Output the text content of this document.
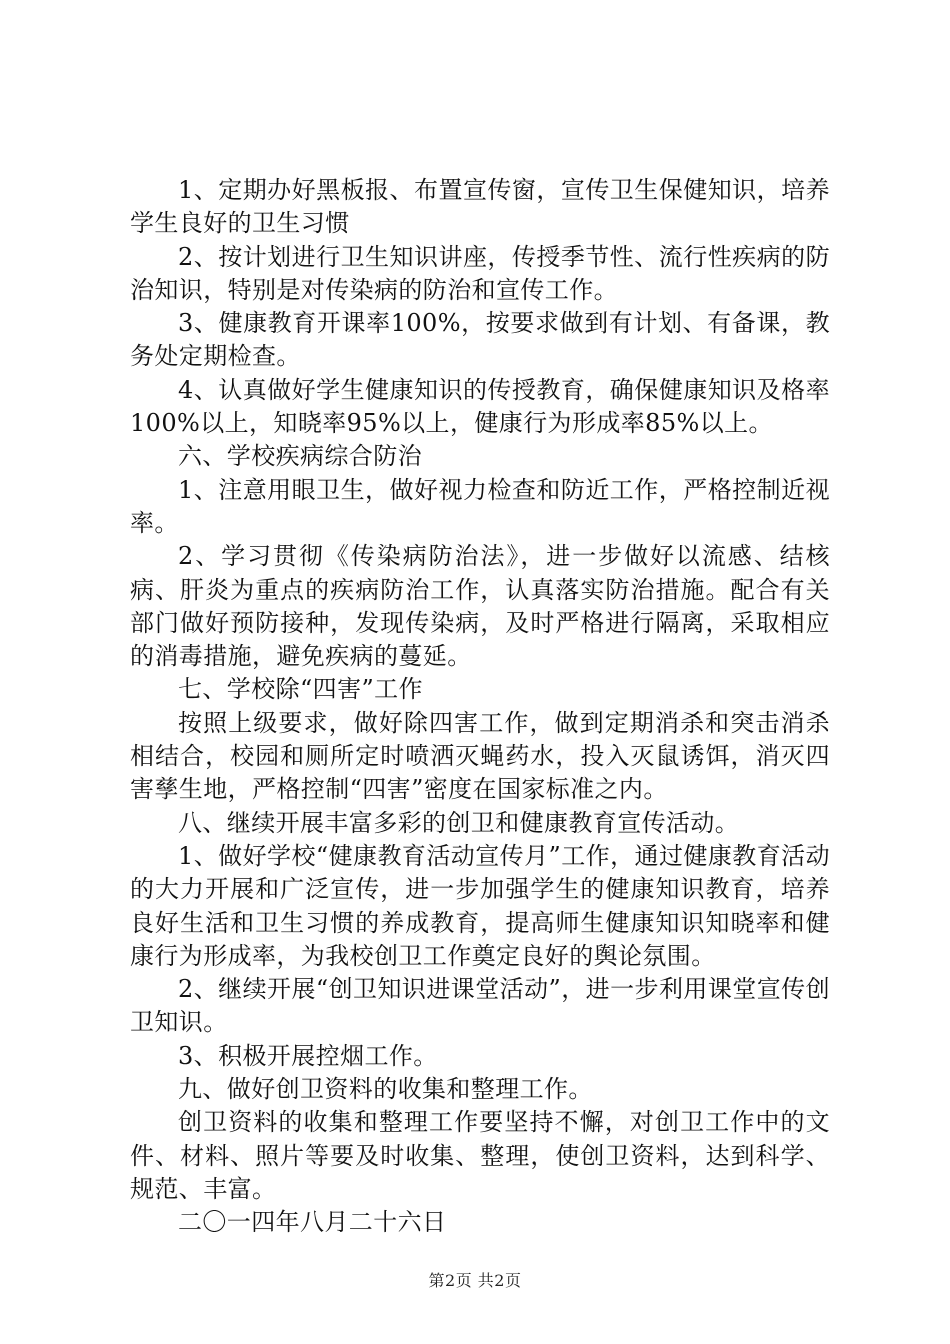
1、定期办好黑板报、布置宣传窗，宣传卫生保健知识，培养学生良好的卫生习惯

2、按计划进行卫生知识讲座，传授季节性、流行性疾病的防治知识，特别是对传染病的防治和宣传工作。

3、健康教育开课率100%，按要求做到有计划、有备课，教务处定期检查。

4、认真做好学生健康知识的传授教育，确保健康知识及格率100%以上，知晓率95%以上，健康行为形成率85%以上。

六、学校疾病综合防治

1、注意用眼卫生，做好视力检查和防近工作，严格控制近视率。

2、学习贯彻《传染病防治法》，进一步做好以流感、结核病、肝炎为重点的疾病防治工作，认真落实防治措施。配合有关部门做好预防接种，发现传染病，及时严格进行隔离，采取相应的消毒措施，避免疾病的蔓延。

七、学校除“四害”工作

按照上级要求，做好除四害工作，做到定期消杀和突击消杀相结合，校园和厕所定时喷洒灭蝇药水，投入灭鼠诱饵，消灭四害孳生地，严格控制“四害”密度在国家标准之内。

八、继续开展丰富多彩的创卫和健康教育宣传活动。

1、做好学校“健康教育活动宣传月”工作，通过健康教育活动的大力开展和广泛宣传，进一步加强学生的健康知识教育，培养良好生活和卫生习惯的养成教育，提高师生健康知识知晓率和健康行为形成率，为我校创卫工作奠定良好的舆论氛围。

2、继续开展“创卫知识进课堂活动”，进一步利用课堂宣传创卫知识。

3、积极开展控烟工作。

九、做好创卫资料的收集和整理工作。

创卫资料的收集和整理工作要坚持不懈，对创卫工作中的文件、材料、照片等要及时收集、整理，使创卫资料，达到科学、规范、丰富。

二〇一四年八月二十六日

第2页 共2页
